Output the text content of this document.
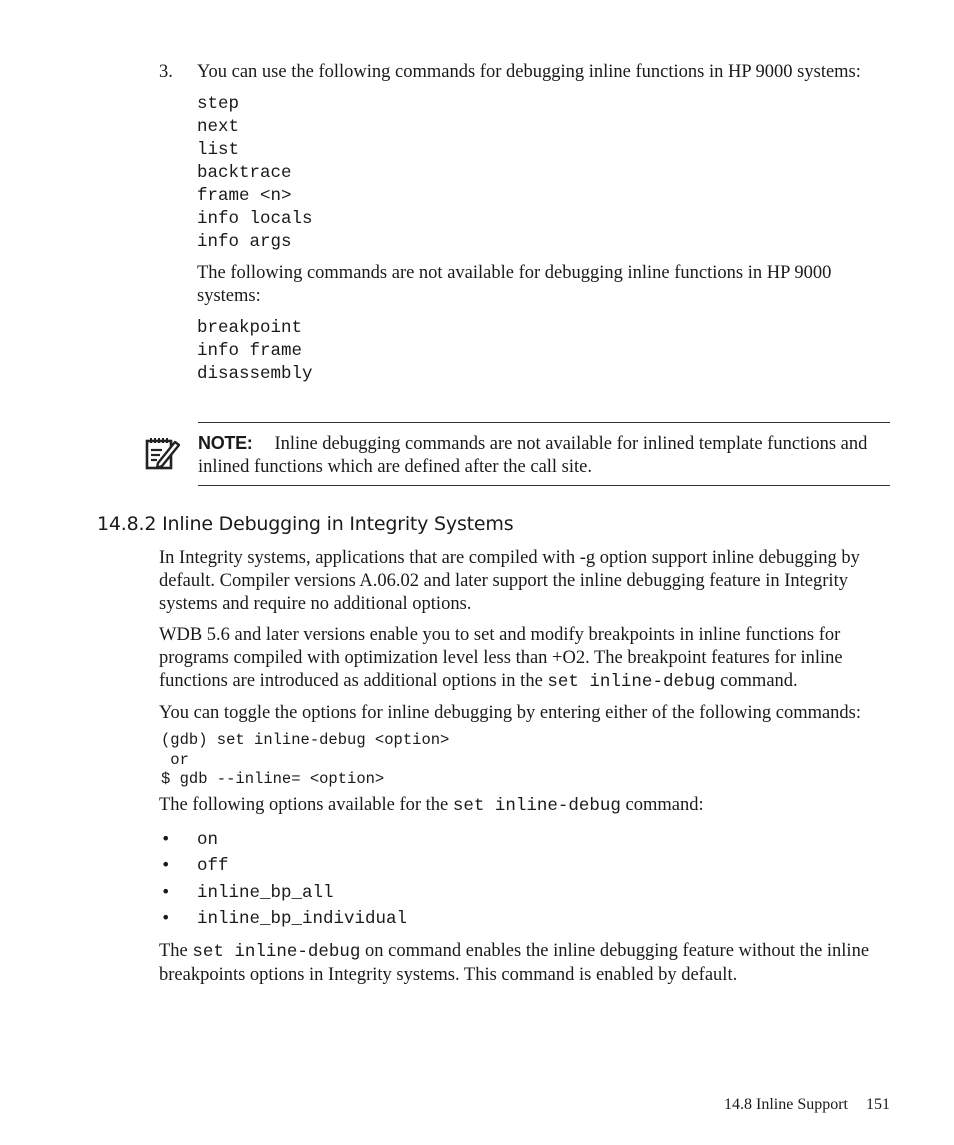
3. You can use the following commands for debugging inline functions in HP 9000 systems:

step
next
list
backtrace
frame <n>
info locals
info args

The following commands are not available for debugging inline functions in HP 9000 systems:

breakpoint
info frame
disassembly
NOTE: Inline debugging commands are not available for inlined template functions and inlined functions which are defined after the call site.
14.8.2 Inline Debugging in Integrity Systems

In Integrity systems, applications that are compiled with -g option support inline debugging by default. Compiler versions A.06.02 and later support the inline debugging feature in Integrity systems and require no additional options.

WDB 5.6 and later versions enable you to set and modify breakpoints in inline functions for programs compiled with optimization level less than +O2. The breakpoint features for inline functions are introduced as additional options in the set inline-debug command.

You can toggle the options for inline debugging by entering either of the following commands:

(gdb) set inline-debug <option>
or
$ gdb --inline= <option>

The following options available for the set inline-debug command:

• on
• off
• inline_bp_all
• inline_bp_individual

The set inline-debug on command enables the inline debugging feature without the inline breakpoints options in Integrity systems. This command is enabled by default.

14.8 Inline Support 151
